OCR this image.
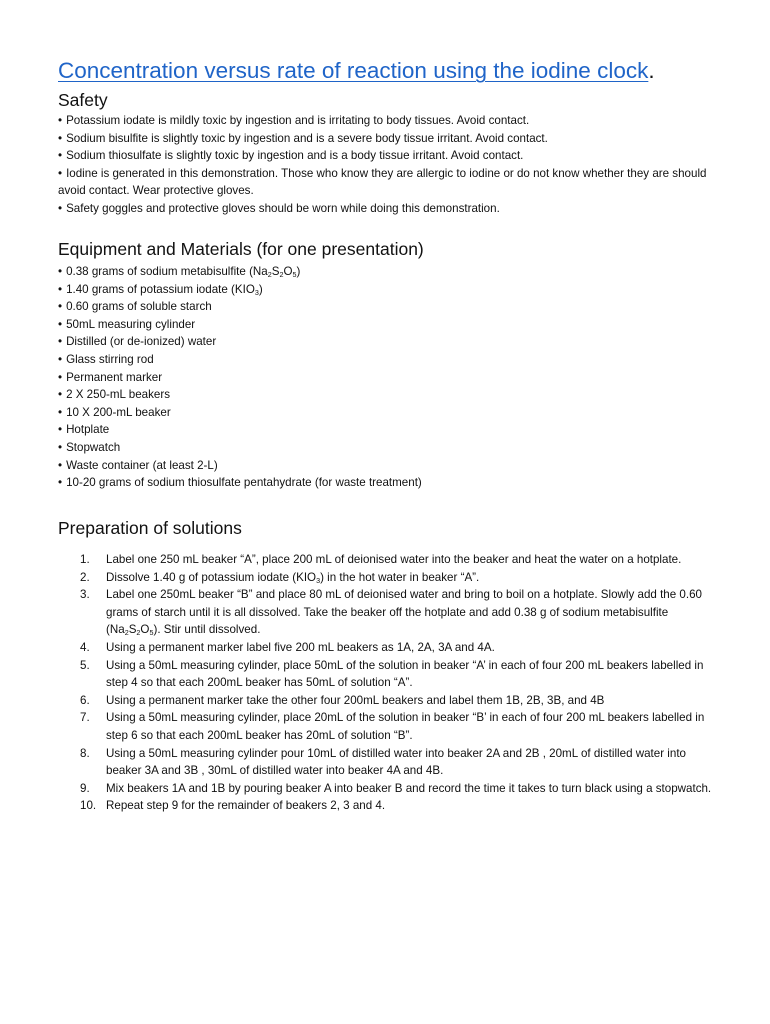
Concentration versus rate of reaction using the iodine clock.
Safety
• Potassium iodate is mildly toxic by ingestion and is irritating to body tissues. Avoid contact.
• Sodium bisulfite is slightly toxic by ingestion and is a severe body tissue irritant. Avoid contact.
• Sodium thiosulfate is slightly toxic by ingestion and is a body tissue irritant. Avoid contact.
• Iodine is generated in this demonstration. Those who know they are allergic to iodine or do not know whether they are should avoid contact. Wear protective gloves.
• Safety goggles and protective gloves should be worn while doing this demonstration.
Equipment and Materials (for one presentation)
• 0.38 grams of sodium metabisulfite $(Na_2S_2O_5)$
• 1.40 grams of potassium iodate $(KIO_3)$
• 0.60 grams of soluble starch
• 50mL measuring cylinder
• Distilled (or de-ionized) water
• Glass stirring rod
• Permanent marker
• 2 X 250-mL beakers
• 10 X 200-mL beaker
• Hotplate
• Stopwatch
• Waste container (at least 2-L)
• 10-20 grams of sodium thiosulfate pentahydrate (for waste treatment)
Preparation of solutions
1. Label one 250 mL beaker “A”, place 200 mL of deionised water into the beaker and heat the water on a hotplate.
2. Dissolve 1.40 g of potassium iodate $(KIO_3)$ in the hot water in beaker “A”.
3. Label one 250mL beaker “B” and place 80 mL of deionised water and bring to boil on a hotplate. Slowly add the 0.60 grams of starch until it is all dissolved. Take the beaker off the hotplate and add 0.38 g of sodium metabisulfite $(Na_2S_2O_5)$. Stir until dissolved.
4. Using a permanent marker label five 200 mL beakers as 1A, 2A, 3A and 4A.
5. Using a 50mL measuring cylinder, place 50mL of the solution in beaker “A’ in each of four 200 mL beakers labelled in step 4 so that each 200mL beaker has 50mL of solution “A”.
6. Using a permanent marker take the other four 200mL beakers and label them 1B, 2B, 3B, and 4B
7. Using a 50mL measuring cylinder, place 20mL of the solution in beaker “B’ in each of four 200 mL beakers labelled in step 6 so that each 200mL beaker has 20mL of solution “B”.
8. Using a 50mL measuring cylinder pour 10mL of distilled water into beaker 2A and 2B , 20mL of distilled water into beaker 3A and 3B , 30mL of distilled water into beaker 4A and 4B.
9. Mix beakers 1A and 1B by pouring beaker A into beaker B and record the time it takes to turn black using a stopwatch.
10. Repeat step 9 for the remainder of beakers 2, 3 and 4.
